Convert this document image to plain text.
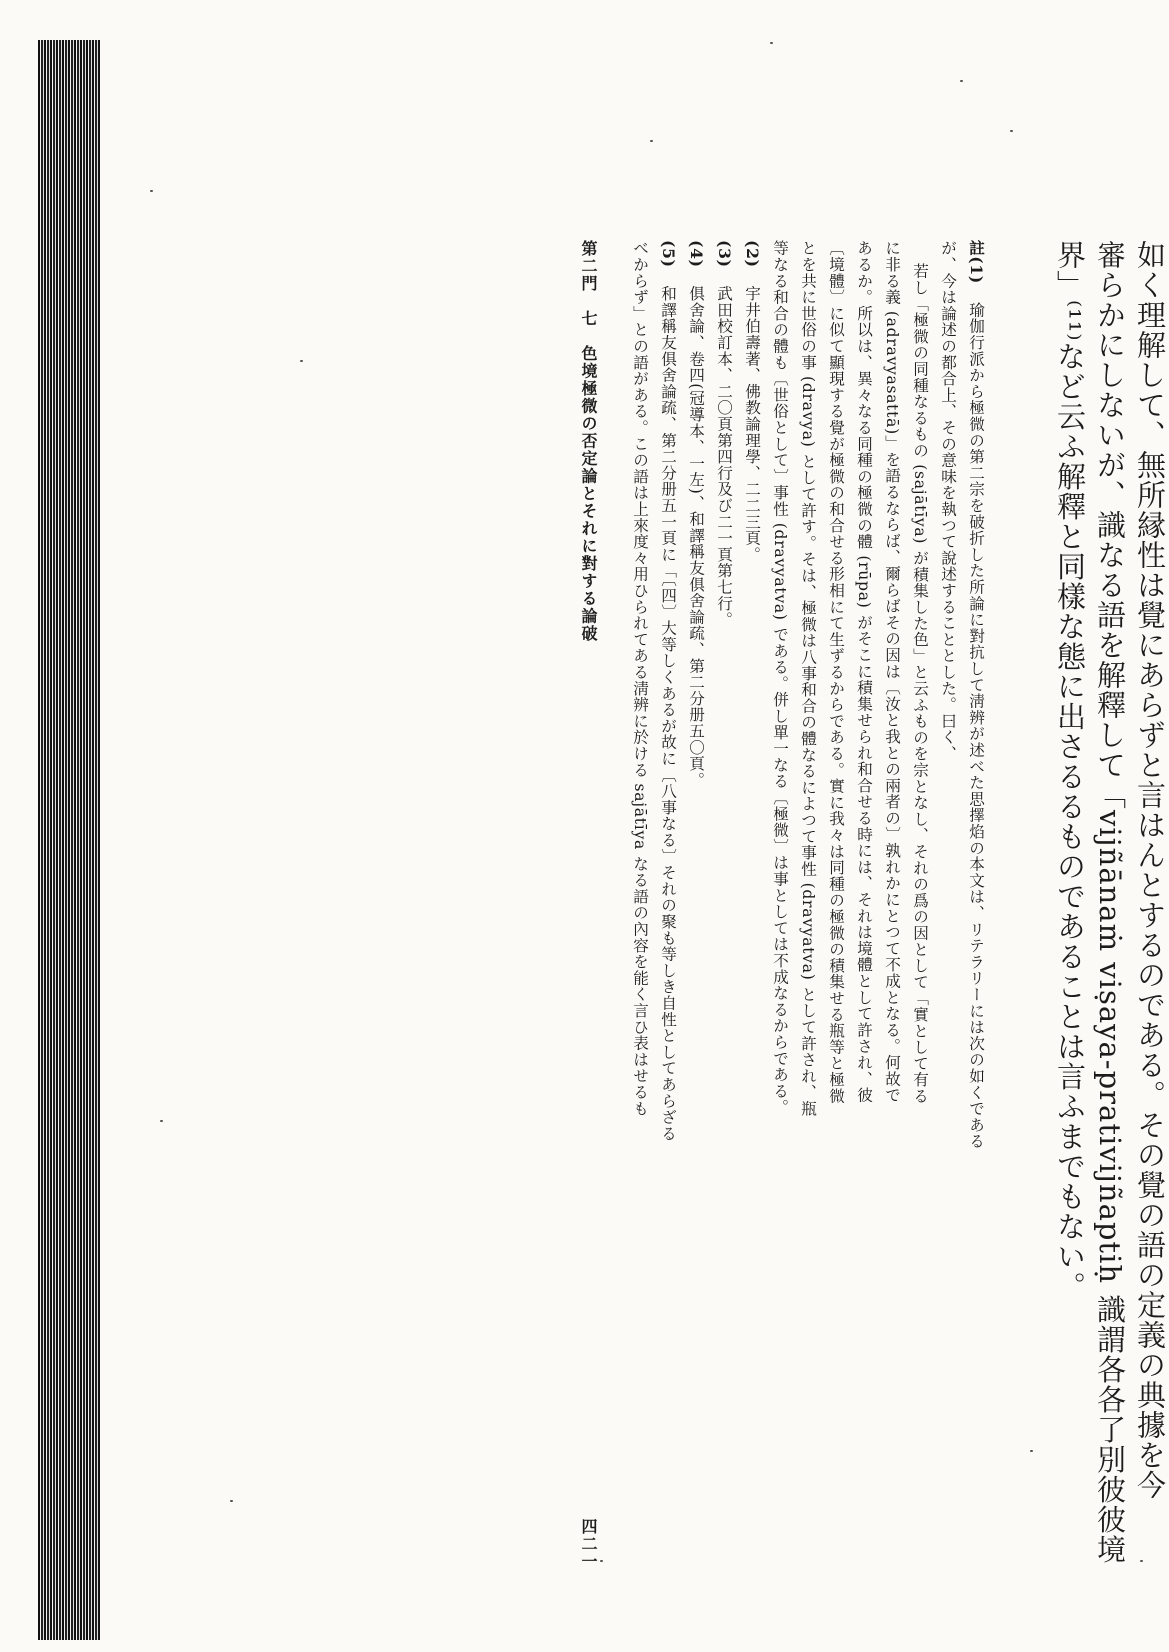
如く理解して、無所縁性は覺にあらずと言はんとするのである。その覺の語の定義の典據を今

審らかにしないが、識なる語を解釋して「vijñānaṁ viṣaya-prativijñaptiḥ 識謂各各了別彼彼境

界」⁽¹¹⁾など云ふ解釋と同樣な態に出さるるものであることは言ふまでもない。

註(1) 瑜伽行派から極微の第二宗を破折した所論に對抗して淸辨が述べた思擇焰の本文は、リテラリーには次の如くである

が、今は論述の都合上、その意味を執つて說述することとした。曰く、

若し「極微の同種なるもの (sajātīya) が積集した色」と云ふものを宗となし、それの爲の因として「實として有る

に非る義 (adravyasattā)」を語るならば、爾らばその因は〔汝と我との兩者の〕孰れかにとつて不成となる。何故で

あるか。所以は、異々なる同種の極微の體 (rūpa) がそこに積集せられ和合せる時には、それは境體として許され、彼

〔境體〕に似て顯現する覺が極微の和合せる形相にて生ずるからである。實に我々は同種の極微の積集せる瓶等と極微

とを共に世俗の事 (dravya) として許す。そは、極微は八事和合の體なるによつて事性 (dravyatva) として許され、瓶

等なる和合の體も〔世俗として〕事性 (dravyatva) である。併し單一なる〔極微〕は事としては不成なるからである。

(2) 宇井伯壽著、佛教論理學、二二三頁。

(3) 武田校訂本、二〇頁第四行及び二一頁第七行。

(4) 俱舍論、卷四(冠導本、一左)、和譯稱友俱舍論疏、第二分册五〇頁。

(5) 和譯稱友俱舍論疏、第二分册五一頁に「〔四〕大等しくあるが故に〔八事なる〕それの聚も等しき自性としてあらざる

べからず」との語がある。この語は上來度々用ひられてある淸辨に於ける sajātīya なる語の內容を能く言ひ表はせるも

第二門　七　色境極微の否定論とそれに對する論破
四二一
